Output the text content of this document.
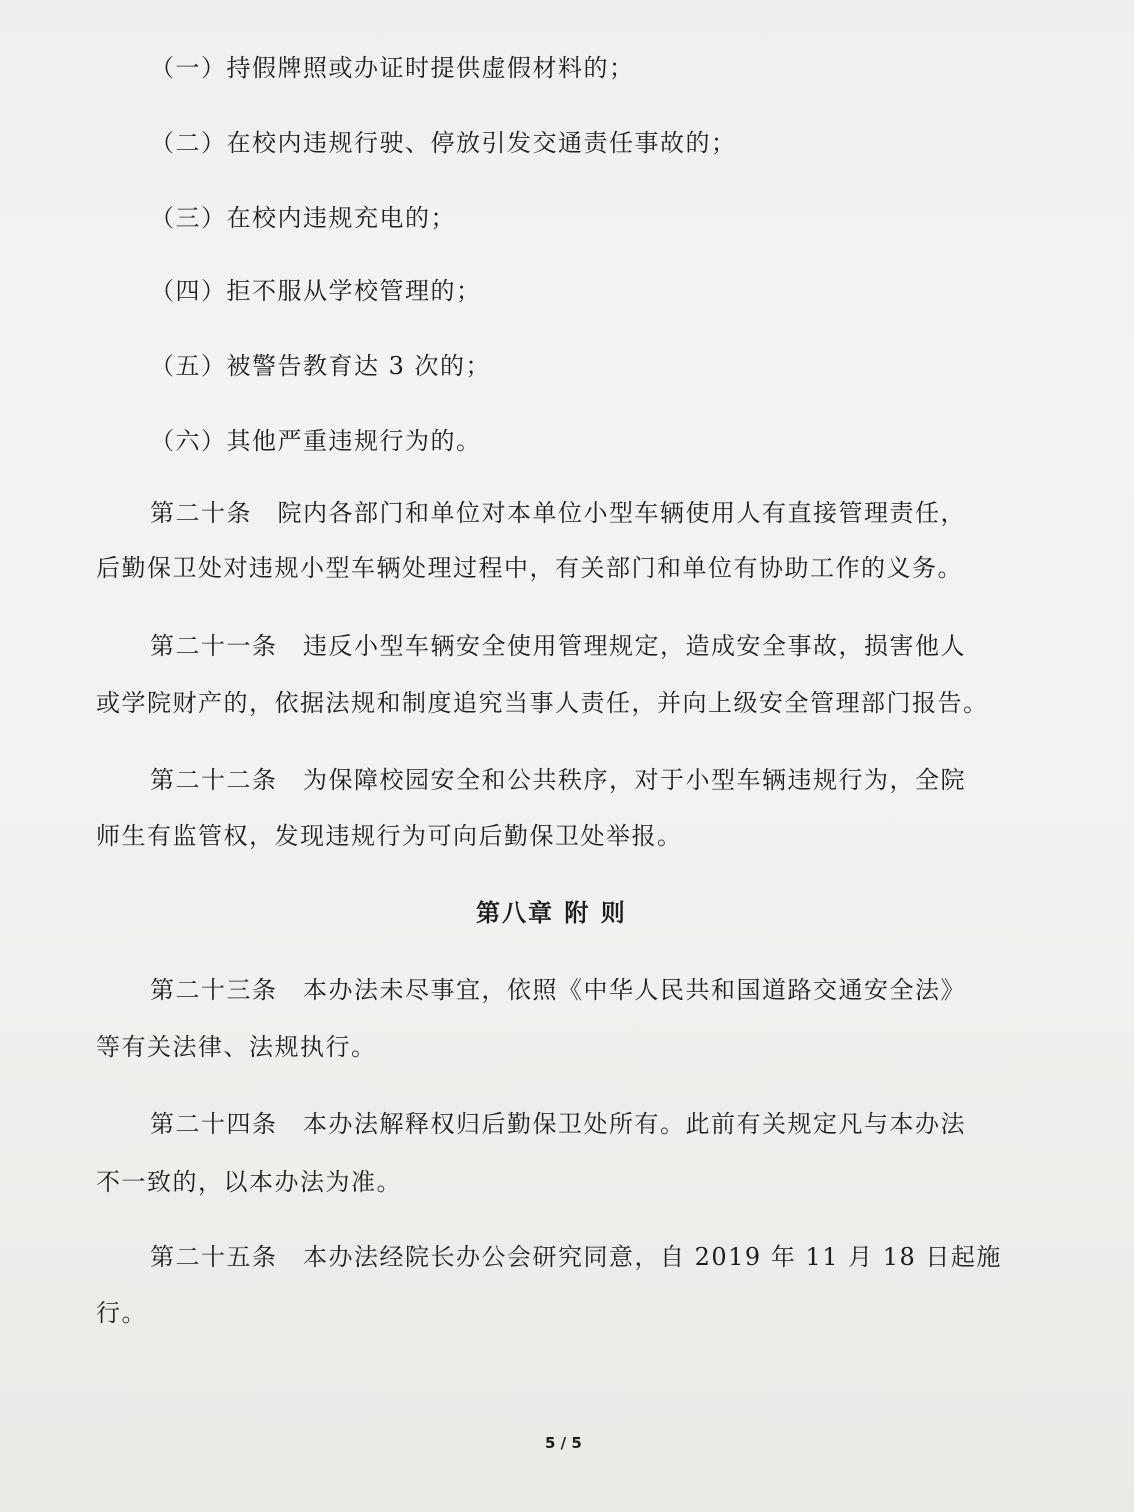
（一）持假牌照或办证时提供虚假材料的；

（二）在校内违规行驶、停放引发交通责任事故的；

（三）在校内违规充电的；

（四）拒不服从学校管理的；

（五）被警告教育达 3 次的；

（六）其他严重违规行为的。

第二十条　院内各部门和单位对本单位小型车辆使用人有直接管理责任，

后勤保卫处对违规小型车辆处理过程中，有关部门和单位有协助工作的义务。

第二十一条　违反小型车辆安全使用管理规定，造成安全事故，损害他人

或学院财产的，依据法规和制度追究当事人责任，并向上级安全管理部门报告。

第二十二条　为保障校园安全和公共秩序，对于小型车辆违规行为，全院

师生有监管权，发现违规行为可向后勤保卫处举报。

第八章 附 则

第二十三条　本办法未尽事宜，依照《中华人民共和国道路交通安全法》

等有关法律、法规执行。

第二十四条　本办法解释权归后勤保卫处所有。此前有关规定凡与本办法

不一致的，以本办法为准。

第二十五条　本办法经院长办公会研究同意，自 2019 年 11 月 18 日起施

行。

5 / 5
